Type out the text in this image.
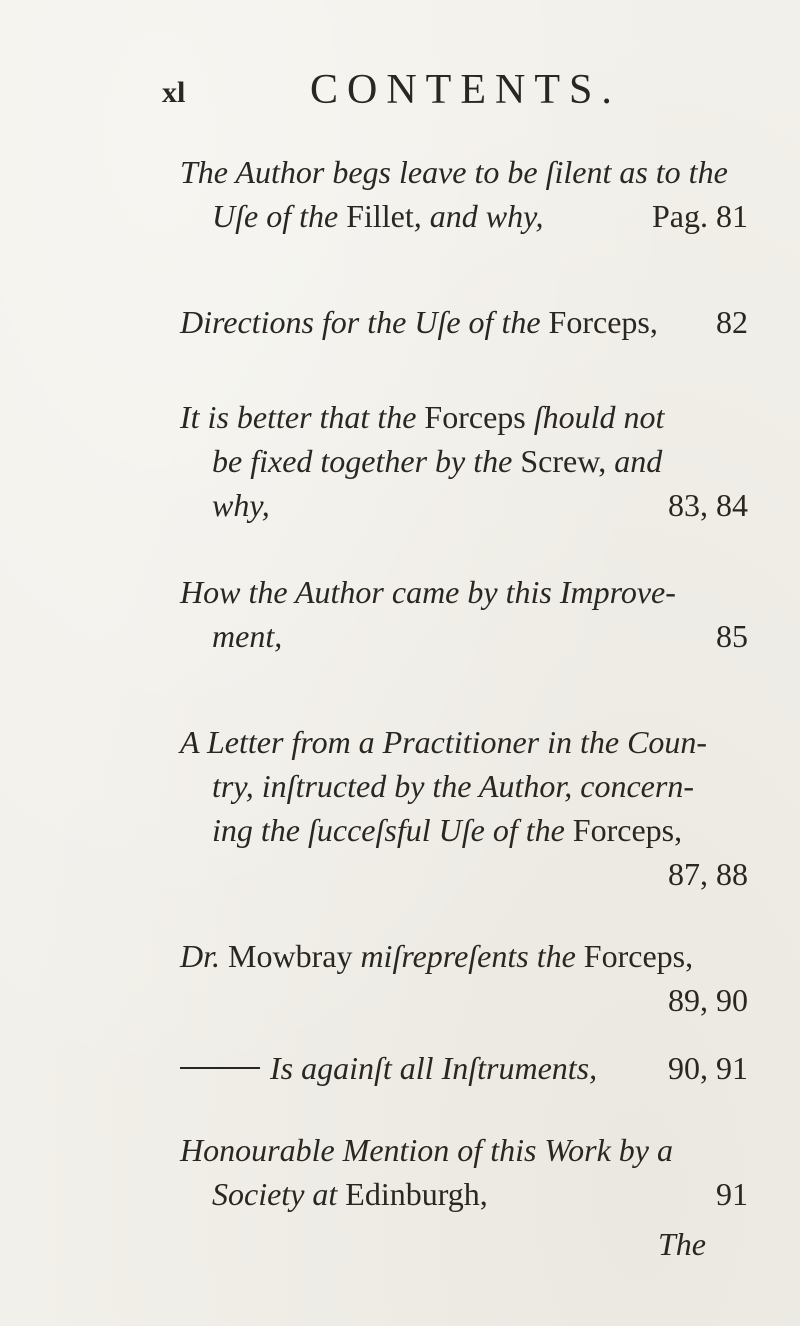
xl	CONTENTS.
The Author begs leave to be ſilent as to the
Uſe of the Fillet, and why,	Pag. 81
Directions for the Uſe of the Forceps, 82
It is better that the Forceps ſhould not
be fixed together by the Screw, and
why,	83, 84
How the Author came by this Improve-
ment,	85
A Letter from a Practitioner in the Coun-
try, inſtructed by the Author, concern-
ing the ſucceſsful Uſe of the Forceps,
87, 88
Dr. Mowbray miſrepreſents the Forceps,
89, 90
Is againſt all Inſtruments, 90, 91
Honourable Mention of this Work by a
Society at Edinburgh,	91
The
